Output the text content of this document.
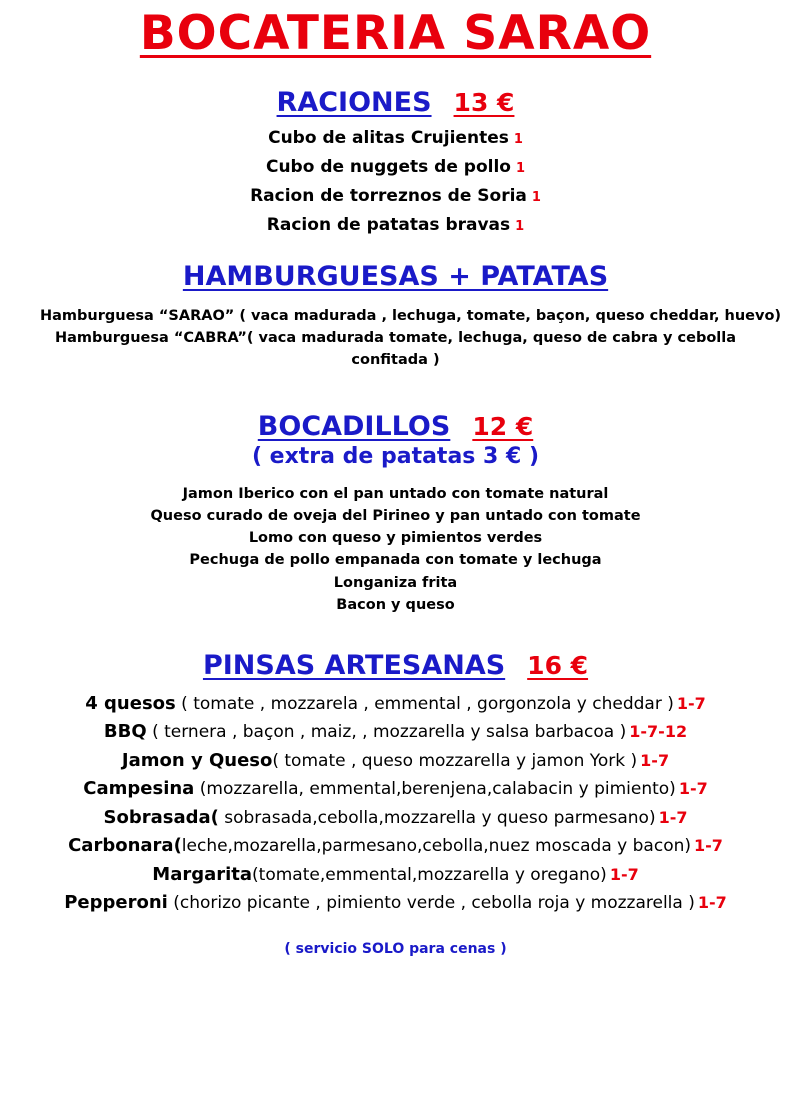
BOCATERIA SARAO
RACIONES 13 €
Cubo de alitas Crujientes 1
Cubo de nuggets de pollo 1
Racion de torreznos de Soria 1
Racion de patatas bravas 1
HAMBURGUESAS + PATATAS
Hamburguesa “SARAO” ( vaca madurada , lechuga, tomate, baçon, queso cheddar, huevo)
Hamburguesa “CABRA”( vaca madurada tomate, lechuga, queso de cabra y cebolla
confitada )
BOCADILLOS 12 €
( extra de patatas 3 € )
Jamon Iberico con el pan untado con tomate natural
Queso curado de oveja del Pirineo y pan untado con tomate
Lomo con queso y pimientos verdes
Pechuga de pollo empanada con tomate y lechuga
Longaniza frita
Bacon y queso
PINSAS ARTESANAS 16 €
4 quesos ( tomate , mozzarela , emmental , gorgonzola y cheddar ) 1-7
BBQ ( ternera , baçon , maiz, , mozzarella y salsa barbacoa ) 1-7-12
Jamon y Queso( tomate , queso mozzarella y jamon York ) 1-7
Campesina (mozzarella, emmental,berenjena,calabacin y pimiento) 1-7
Sobrasada( sobrasada,cebolla,mozzarella y queso parmesano) 1-7
Carbonara(leche,mozarella,parmesano,cebolla,nuez moscada y bacon) 1-7
Margarita(tomate,emmental,mozzarella y oregano) 1-7
Pepperoni (chorizo picante , pimiento verde , cebolla roja y mozzarella ) 1-7
( servicio SOLO para cenas )
